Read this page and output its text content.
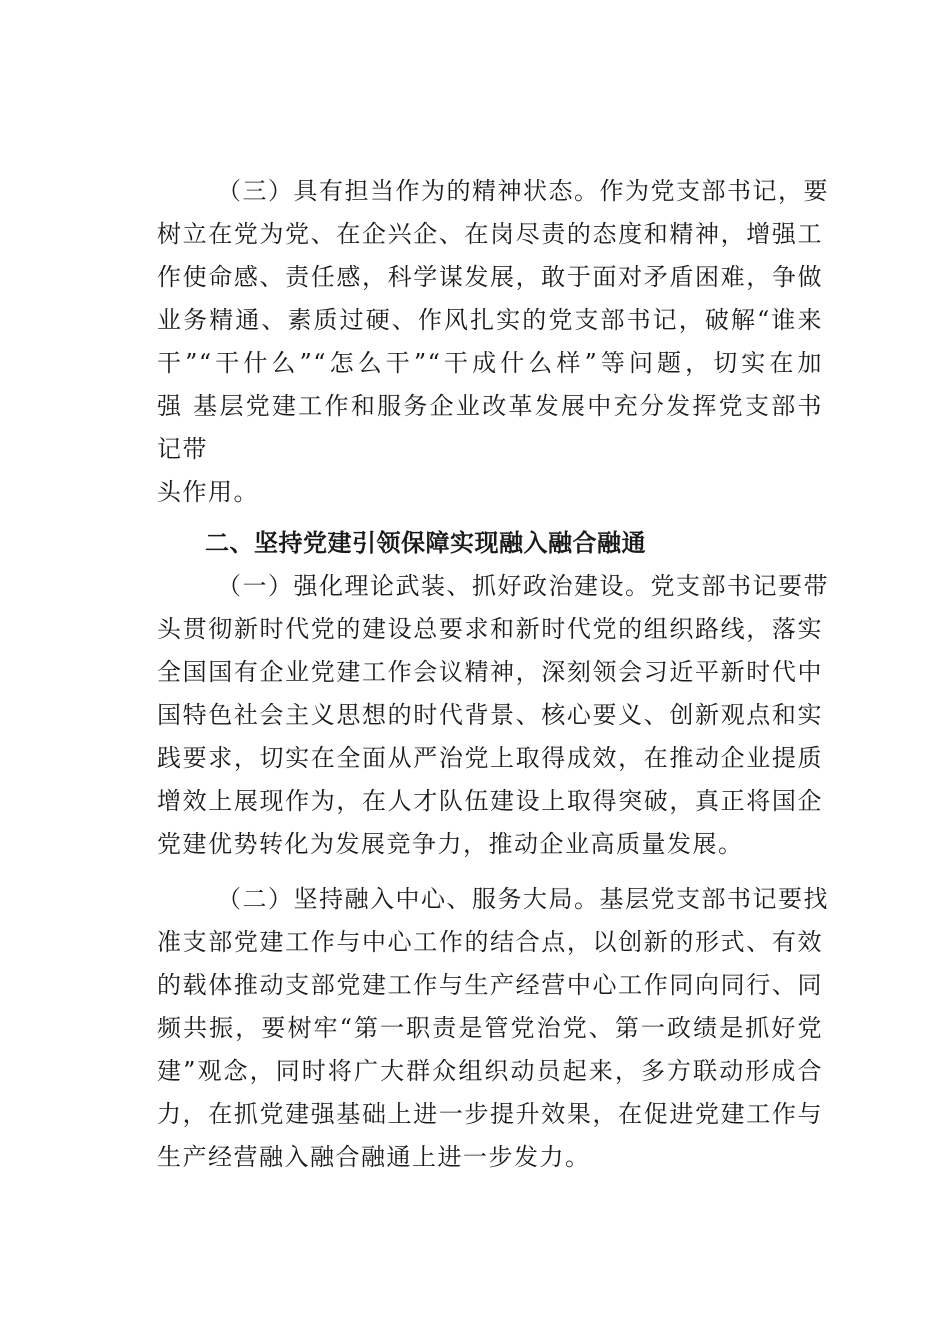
（三）具有担当作为的精神状态。作为党支部书记，要
树立在党为党、在企兴企、在岗尽责的态度和精神，增强工
作使命感、责任感，科学谋发展，敢于面对矛盾困难，争做
业务精通、素质过硬、作风扎实的党支部书记，破解“谁来
干”“干什么”“怎么干”“干成什么样”等问题，切实在加
强 基层党建工作和服务企业改革发展中充分发挥党支部书
记带
头作用。
二、坚持党建引领保障实现融入融合融通
（一）强化理论武装、抓好政治建设。党支部书记要带
头贯彻新时代党的建设总要求和新时代党的组织路线，落实
全国国有企业党建工作会议精神，深刻领会习近平新时代中
国特色社会主义思想的时代背景、核心要义、创新观点和实
践要求，切实在全面从严治党上取得成效，在推动企业提质
增效上展现作为，在人才队伍建设上取得突破，真正将国企
党建优势转化为发展竞争力，推动企业高质量发展。
（二）坚持融入中心、服务大局。基层党支部书记要找
准支部党建工作与中心工作的结合点，以创新的形式、有效
的载体推动支部党建工作与生产经营中心工作同向同行、同
频共振，要树牢“第一职责是管党治党、第一政绩是抓好党
建”观念，同时将广大群众组织动员起来，多方联动形成合
力，在抓党建强基础上进一步提升效果，在促进党建工作与
生产经营融入融合融通上进一步发力。
